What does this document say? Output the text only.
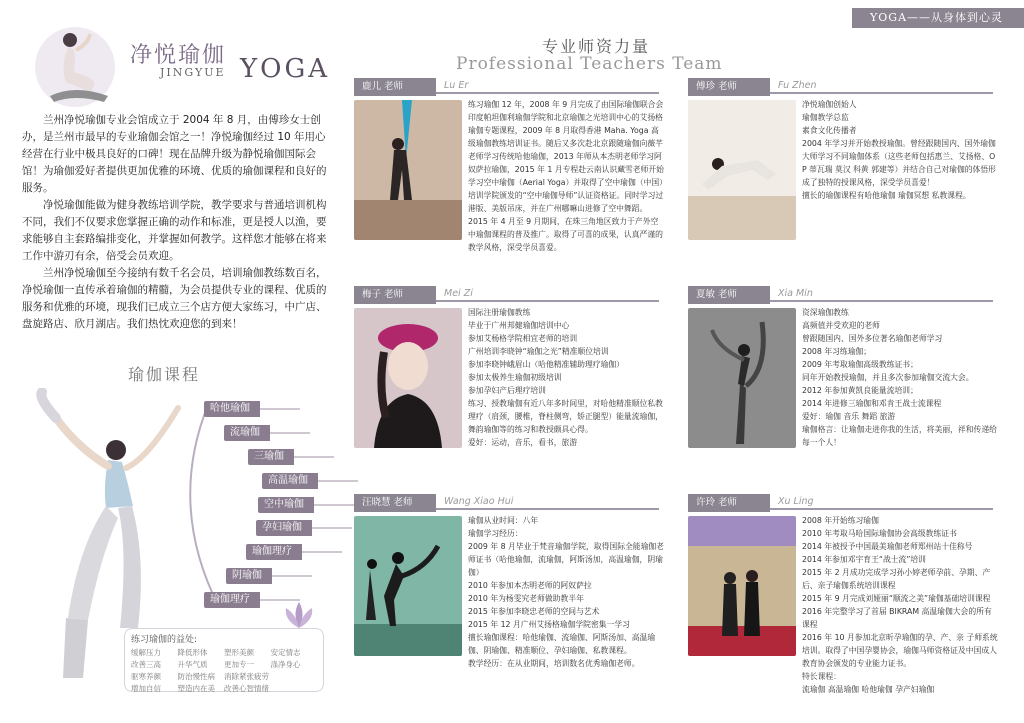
YOGA——从身体到心灵
净悦瑜伽
JINGYUE YOGA

兰州净悦瑜伽专业会馆成立于 2004 年 8 月，由傅珍女士创办，是兰州市最早的专业瑜伽会馆之一！净悦瑜伽经过 10 年用心经营在行业中极具良好的口碑！现在品牌升级为静悦瑜伽国际会馆！为瑜伽爱好者提供更加优雅的环境、优质的瑜伽课程和良好的服务。

净悦瑜伽能做为健身教练培训学院，教学要求与普通培训机构不同，我们不仅要求您掌握正确的动作和标准，更是授人以渔，要求能够自主套路编排变化，并掌握如何教学。这样您才能够在将来工作中游刃有余，倍受会员欢迎。

兰州净悦瑜伽至今接纳有数千名会员，培训瑜伽教练数百名，净悦瑜伽一直传承着瑜伽的精髓，为会员提供专业的课程、优质的服务和优雅的环境，现我们已成立三个店方便大家练习，中广店、盘旋路店、欣月湖店。我们热忱欢迎您的到来！

瑜伽课程
哈他瑜伽
流瑜伽
三瑜伽
高温瑜伽
空中瑜伽
孕妇瑜伽
瑜伽理疗
阴瑜伽
瑜伽理疗
练习瑜伽的益处:
缓解压力	降低形体	塑形美颜	安定情志
改善三高	升华气质	更加专一	涤净身心
驱寒养颜	防治慢性病	消除紧张疲劳
增加自信	塑造内在美	改善心智情绪
专业师资力量
Professional Teachers Team
鹿儿 老师	Lu Er
练习瑜伽 12 年，2008 年 9 月完成了由国际瑜伽联合会印度帕坦伽利瑜伽学院和北京瑜伽之光培训中心的艾扬格瑜伽专题课程，2009 年 8 月取得香港 Maha. Yoga 高级瑜伽教练培训证书。随后又多次赴北京跟随瑜伽向薇芊老师学习传统哈他瑜伽，2013 年师从本杰明老师学习阿奴萨拉瑜伽，2015 年 1 月专程赴云南认识藏雪老师开始学习空中瑜伽（Aerial Yoga）并取得了空中瑜伽（中国）培训学院颁发的“空中瑜伽导师”认证资格证。同时学习过港版、美版吊床，并在广州哪嘛山进修了空中舞蹈。2015 年 4 月至 9 月期间，在珠三角地区致力于产外空中瑜伽课程的普及推广。取得了可喜的成果，认真严谨的教学风格，深受学员喜爱。
傅珍 老师	Fu Zhen
净悦瑜伽创始人
瑜伽教学总监
素食文化传播者
2004 年学习并开始教授瑜伽。曾经跟随国内、国外瑜伽大师学习不同瑜伽体系（这些老师包括惠兰、艾扬格、O P 蒂瓦瑞 莫汉 科黄 郭建等）并结合自己对瑜伽的体悟形成了独特的授课风格，深受学员喜爱！
擅长的瑜伽课程有哈他瑜伽 瑜伽冥想 私教课程。
梅子 老师	Mei Zi
国际注册瑜伽教练
毕业于广州邦健瑜伽培训中心
参加艾杨格学院相宜老师的培训
广州培训李晓钟“瑜伽之光”精准顺位培训
参加李晓钟峨眉山（哈他精准辅助理疗瑜伽）
参加太极养生瑜伽初级培训
参加孕妇产后理疗培训
练习、授教瑜伽有近八年多时间里，对哈他精准顺位私教理疗（肩颈，腰椎，脊柱侧弯，矫正腿型）能量流瑜伽，舞韵瑜伽等的练习和教授颇具心得。
爱好：运动，音乐，看书，旅游
夏敏 老师	Xia Min
资深瑜伽教练
高频值并受欢迎的老师
曾跟随国内、国外多位著名瑜伽老师学习
2008 年习练瑜伽；
2009 年考取瑜伽高级教练证书；
同年开始教授瑜伽，并且多次参加瑜伽交流大会。
2012 年参加黄凯良能量流培训；
2014 年进修三瑜伽和邓肯王战士流课程
爱好：瑜伽 音乐 舞蹈 旅游
瑜伽格言：让瑜伽走进你我的生活，将美丽，祥和传递给每一个人！
汪晓慧 老师	Wang Xiao Hui
瑜伽从业时间：八年
瑜伽学习经历：
2009 年 8 月毕业于梵音瑜伽学院，取得国际全能瑜伽老师证书（哈他瑜伽，流瑜伽，阿斯汤加，高温瑜伽，阴瑜伽）
2010 年参加本杰明老师的阿奴萨拉
2010 年为杨雯究老师做助教半年
2015 年参加李晓忠老师的空间与艺术
2015 年 12 月广州艾扬格瑜伽学院密集一学习
擅长瑜伽课程：哈他瑜伽、流瑜伽、阿斯汤加、高温瑜伽、阴瑜伽、精准顺位、孕妇瑜伽、私教课程。
教学经历：在从业期间，培训数名优秀瑜伽老师。
许玲 老师	Xu Ling
2008 年开始练习瑜伽
2010 年考取马哈国际瑜伽协会高级教练证书
2014 年被授予中国最美瑜伽老师郑州站十佳称号
2014 年参加邓宇育王“战士流”培训
2015 年 2 月成功完成学习孙小婷老师孕前、孕期、产后、亲子瑜伽系统培训课程
2015 年 9 月完成刘娅丽“顺流之美”瑜伽基础培训课程
2016 年完整学习了首届 BIKRAM 高温瑜伽大会的所有课程
2016 年 10 月参加北京昕孕瑜伽的孕、产、亲 子师系统培训。取得了中国孕婴协会，瑜伽马师资格证及中国成人教育协会颁发的专业能力证书。
特长课程：
流瑜伽 高温瑜伽 哈他瑜伽 孕产妇瑜伽
